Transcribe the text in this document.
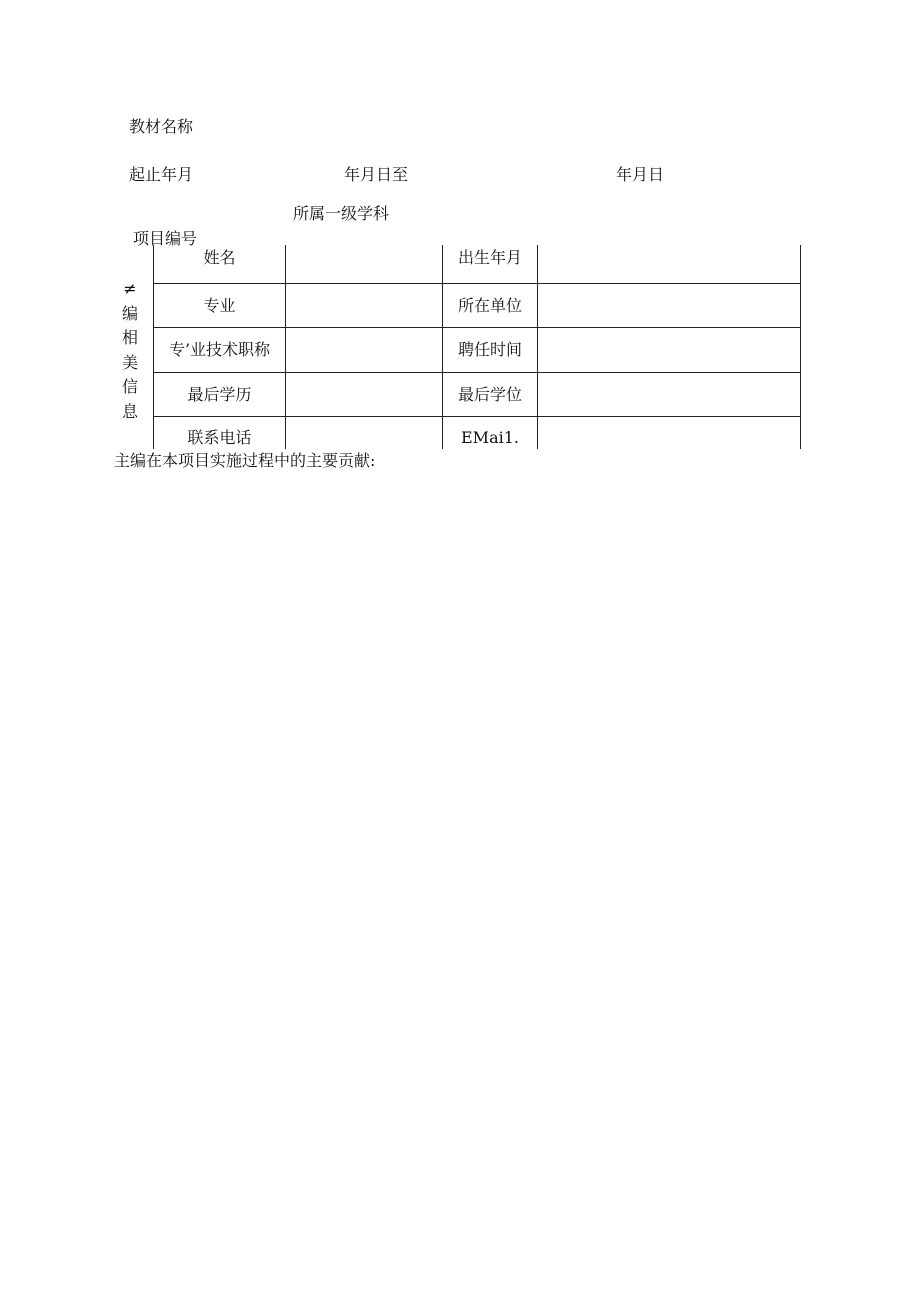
教材名称
起止年月	年月日至	年月日
所属一级学科
项目编号
≠
编
相
美
信
息
姓名	出生年月
专业	所在单位
专’业技术职称	聘任时间
最后学历	最后学位
联系电话	EMai1.
主编在本项目实施过程中的主要贡献:
